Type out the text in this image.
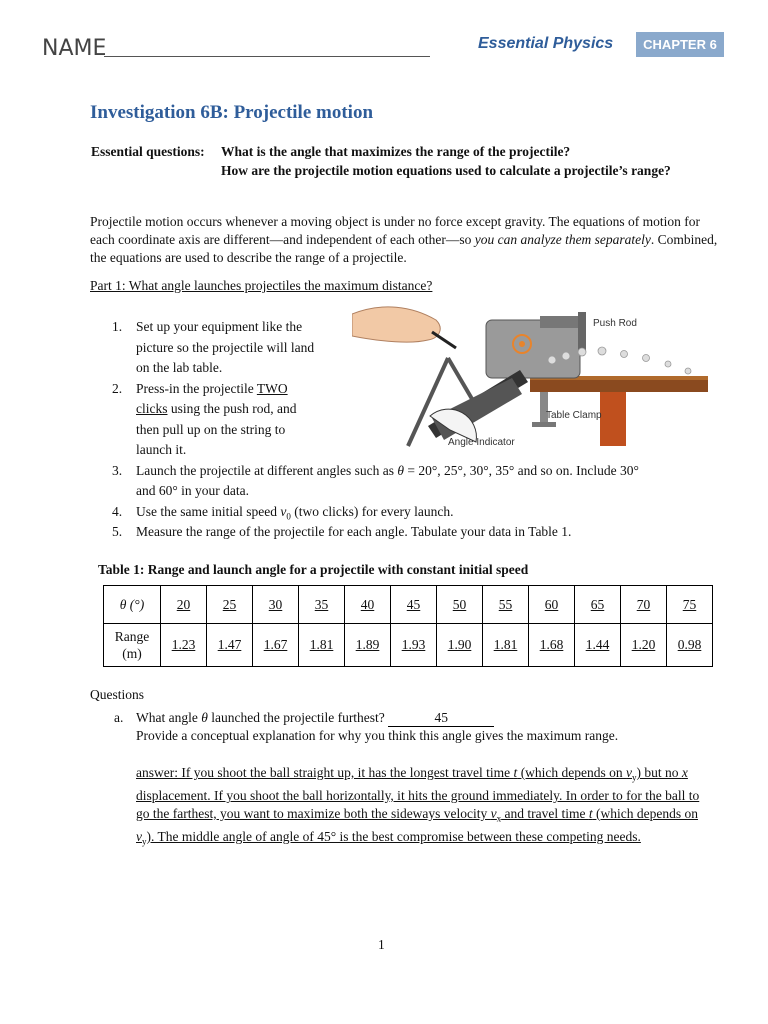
NAME	Essential Physics	CHAPTER 6
Investigation 6B: Projectile motion
Essential questions: What is the angle that maximizes the range of the projectile?
How are the projectile motion equations used to calculate a projectile’s range?
Projectile motion occurs whenever a moving object is under no force except gravity. The equations of motion for each coordinate axis are different—and independent of each other—so you can analyze them separately. Combined, the equations are used to describe the range of a projectile.
Part 1: What angle launches projectiles the maximum distance?
1. Set up your equipment like the
picture so the projectile will land
on the lab table.
2. Press-in the projectile TWO
clicks using the push rod, and
then pull up on the string to
launch it.
3. Launch the projectile at different angles such as θ = 20°, 25°, 30°, 35° and so on. Include 30°
and 60° in your data.
4. Use the same initial speed $v_0$ (two clicks) for every launch.
5. Measure the range of the projectile for each angle. Tabulate your data in Table 1.
Push Rod
Table Clamp
Angle Indicator
Table 1: Range and launch angle for a projectile with constant initial speed
θ (°)	20	25	30	35	40	45	50	55	60	65	70	75
Range
(m)	1.23	1.47	1.67	1.81	1.89	1.93	1.90	1.81	1.68	1.44	1.20	0.98
Questions
a. What angle θ launched the projectile furthest?	45
Provide a conceptual explanation for why you think this angle gives the maximum range.
answer: If you shoot the ball straight up, it has the longest travel time t (which depends on $v_y$) but no x displacement. If you shoot the ball horizontally, it hits the ground immediately. In order to for the ball to go the farthest, you want to maximize both the sideways velocity $v_x$ and travel time t (which depends on $v_y$). The middle angle of angle of 45° is the best compromise between these competing needs.
1
